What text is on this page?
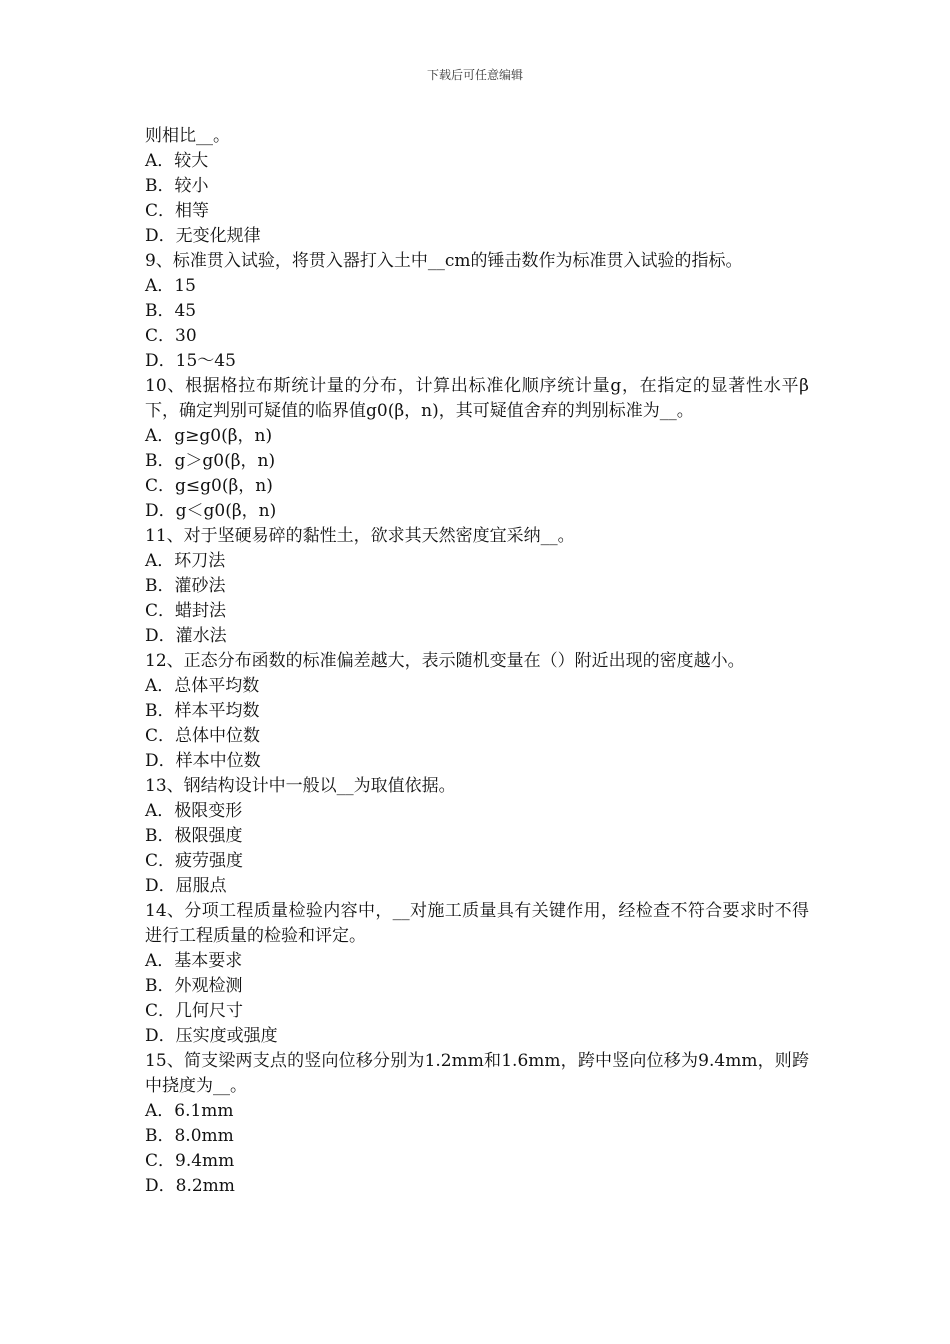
下载后可任意编辑
则相比__。
A．较大
B．较小
C．相等
D．无变化规律
9、标准贯入试验，将贯入器打入土中__cm的锤击数作为标准贯入试验的指标。
A．15
B．45
C．30
D．15～45
10、根据格拉布斯统计量的分布，计算出标准化顺序统计量g，在指定的显著性水平β下，确定判别可疑值的临界值g0(β，n)，其可疑值舍弃的判别标准为__。
A．g≥g0(β，n)
B．g＞g0(β，n)
C．g≤g0(β，n)
D．g＜g0(β，n)
11、对于坚硬易碎的黏性土，欲求其天然密度宜采纳__。
A．环刀法
B．灌砂法
C．蜡封法
D．灌水法
12、正态分布函数的标准偏差越大，表示随机变量在（）附近出现的密度越小。
A．总体平均数
B．样本平均数
C．总体中位数
D．样本中位数
13、钢结构设计中一般以__为取值依据。
A．极限变形
B．极限强度
C．疲劳强度
D．屈服点
14、分项工程质量检验内容中，__对施工质量具有关键作用，经检查不符合要求时不得进行工程质量的检验和评定。
A．基本要求
B．外观检测
C．几何尺寸
D．压实度或强度
15、简支梁两支点的竖向位移分别为1.2mm和1.6mm，跨中竖向位移为9.4mm，则跨中挠度为__。
A．6.1mm
B．8.0mm
C．9.4mm
D．8.2mm
